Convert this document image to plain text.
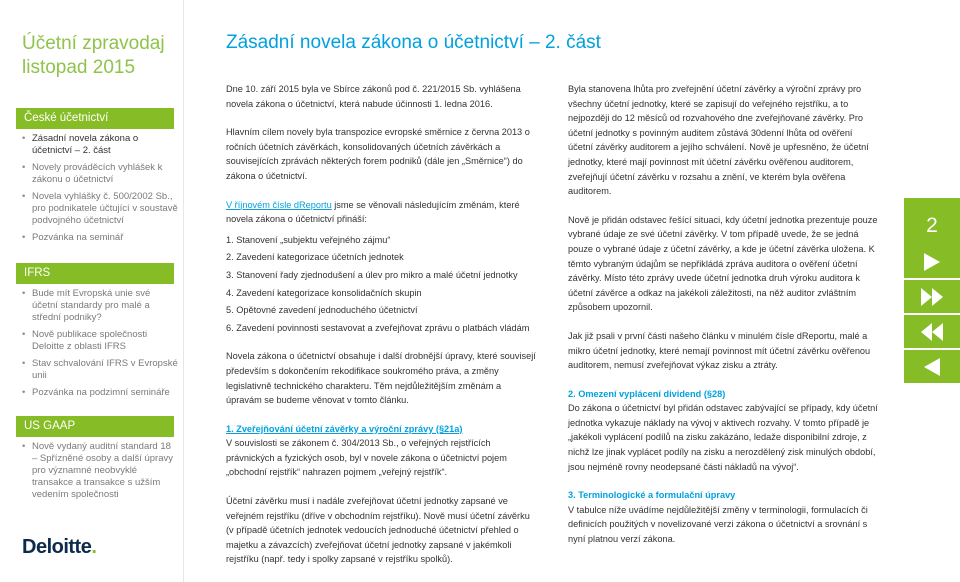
Účetní zpravodaj
listopad 2015
České účetnictví
• Zásadní novela zákona o účetnictví – 2. část
• Novely prováděcích vyhlášek k zákonu o účetnictví
• Novela vyhlášky č. 500/2002 Sb., pro podnikatele účtující v soustavě podvojného účetnictví
• Pozvánka na seminář
IFRS
• Bude mít Evropská unie své účetní standardy pro malé a střední podniky?
• Nově publikace společnosti Deloitte z oblasti IFRS
• Stav schvalování IFRS v Evropské unii
• Pozvánka na podzimní semináře
US GAAP
• Nově vydaný auditní standard 18 – Spřízněné osoby a další úpravy pro významné neobvyklé transakce a transakce s užším vedením společnosti
Deloitte.
Zásadní novela zákona o účetnictví – 2. část

Dne 10. září 2015 byla ve Sbírce zákonů pod č. 221/2015 Sb. vyhlášena novela zákona o účetnictví, která nabude účinnosti 1. ledna 2016.

Hlavním cílem novely byla transpozice evropské směrnice z června 2013 o ročních účetních závěrkách, konsolidovaných účetních závěrkách a souvisejících zprávách některých forem podniků (dále jen „Směrnice“) do zákona o účetnictví.

V říjnovém čísle dReportu jsme se věnovali následujícím změnám, které novela zákona o účetnictví přináší:

1. Stanovení „subjektu veřejného zájmu“
2. Zavedení kategorizace účetních jednotek
3. Stanovení řady zjednodušení a úlev pro mikro a malé účetní jednotky
4. Zavedení kategorizace konsolidačních skupin
5. Opětovné zavedení jednoduchého účetnictví
6. Zavedení povinnosti sestavovat a zveřejňovat zprávu o platbách vládám

Novela zákona o účetnictví obsahuje i další drobnější úpravy, které souvisejí především s dokončením rekodifikace soukromého práva, a změny legislativně technického charakteru. Těm nejdůležitějším změnám a úpravám se budeme věnovat v tomto článku.

1. Zveřejňování účetní závěrky a výroční zprávy (§21a)

V souvislosti se zákonem č. 304/2013 Sb., o veřejných rejstřících právnických a fyzických osob, byl v novele zákona o účetnictví pojem „obchodní rejstřík“ nahrazen pojmem „veřejný rejstřík“.

Účetní závěrku musí i nadále zveřejňovat účetní jednotky zapsané ve veřejném rejstříku (dříve v obchodním rejstříku). Nově musí účetní závěrku (v případě účetních jednotek vedoucích jednoduché účetnictví přehled o majetku a závazcích) zveřejňovat účetní jednotky zapsané v jakémkoli rejstříku (např. tedy i spolky zapsané v rejstříku spolků).

Byla stanovena lhůta pro zveřejnění účetní závěrky a výroční zprávy pro všechny účetní jednotky, které se zapisují do veřejného rejstříku, a to nejpozději do 12 měsíců od rozvahového dne zveřejňované závěrky. Pro účetní jednotky s povinným auditem zůstává 30denní lhůta od ověření účetní závěrky auditorem a jejího schválení. Nově je upřesněno, že účetní jednotky, které mají povinnost mít účetní závěrku ověřenou auditorem, zveřejňují účetní závěrku v rozsahu a znění, ve kterém byla ověřena auditorem.

Nově je přidán odstavec řešící situaci, kdy účetní jednotka prezentuje pouze vybrané údaje ze své účetní závěrky. V tom případě uvede, že se jedná pouze o vybrané údaje z účetní závěrky, a kde je účetní závěrka uložena. K těmto vybraným údajům se nepřikládá zpráva auditora o ověření účetní závěrky. Místo této zprávy uvede účetní jednotka druh výroku auditora k účetní závěrce a odkaz na jakékoli záležitosti, na něž auditor zvláštním způsobem upozornil.

Jak již psali v první části našeho článku v minulém čísle dReportu, malé a mikro účetní jednotky, které nemají povinnost mít účetní závěrku ověřenou auditorem, nemusí zveřejňovat výkaz zisku a ztráty.

2. Omezení vyplácení dividend (§28)

Do zákona o účetnictví byl přidán odstavec zabývající se případy, kdy účetní jednotka vykazuje náklady na vývoj v aktivech rozvahy. V tomto případě je „jakékoli vyplácení podílů na zisku zakázáno, ledaže disponibilní zdroje, z nichž lze jinak vyplácet podíly na zisku a nerozdělený zisk minulých období, jsou nejméně rovny neodepsané části nákladů na vývoj“.

3. Terminologické a formulační úpravy

V tabulce níže uvádíme nejdůležitější změny v terminologii, formulacích či definicích použitých v novelizované verzi zákona o účetnictví a srovnání s nyní platnou verzí zákona.

2
